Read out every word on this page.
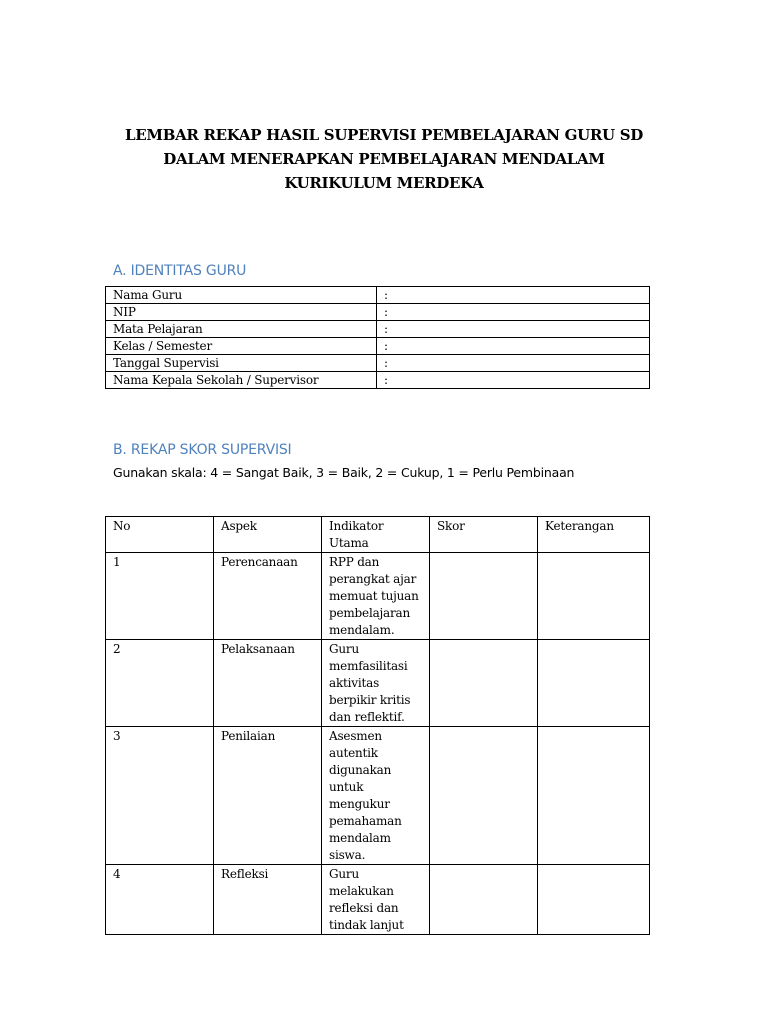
LEMBAR REKAP HASIL SUPERVISI PEMBELAJARAN GURU SD
DALAM MENERAPKAN PEMBELAJARAN MENDALAM
KURIKULUM MERDEKA
A. IDENTITAS GURU
Nama Guru	:
NIP	:
Mata Pelajaran	:
Kelas / Semester	:
Tanggal Supervisi	:
Nama Kepala Sekolah / Supervisor	:
B. REKAP SKOR SUPERVISI
Gunakan skala: 4 = Sangat Baik, 3 = Baik, 2 = Cukup, 1 = Perlu Pembinaan
No	Aspek	Indikator Utama	Skor	Keterangan
1	Perencanaan	RPP dan perangkat ajar memuat tujuan pembelajaran mendalam.		
2	Pelaksanaan	Guru memfasilitasi aktivitas berpikir kritis dan reflektif.		
3	Penilaian	Asesmen autentik digunakan untuk mengukur pemahaman mendalam siswa.		
4	Refleksi	Guru melakukan refleksi dan tindak lanjut		
